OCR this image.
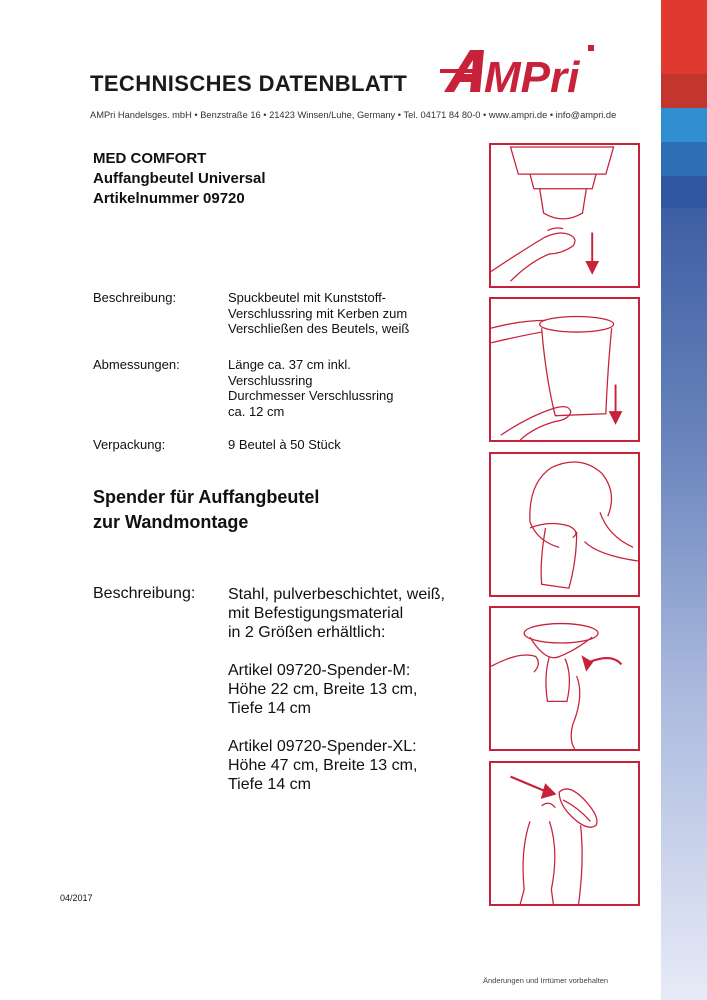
TECHNISCHES DATENBLATT MPri
AMPri Handelsges. mbH • Benzstraße 16 • 21423 Winsen/Luhe, Germany • Tel. 04171 84 80-0 • www.ampri.de • info@ampri.de
MED COMFORT
Auffangbeutel Universal
Artikelnummer 09720
Beschreibung:	Spuckbeutel mit Kunststoff-
Verschlussring mit Kerben zum
Verschließen des Beutels, weiß
Abmessungen:	Länge ca. 37 cm inkl.
Verschlussring
Durchmesser Verschlussring
ca. 12 cm
Verpackung:	9 Beutel à 50 Stück
Spender für Auffangbeutel
zur Wandmontage
Beschreibung: Stahl, pulverbeschichtet, weiß,
mit Befestigungsmaterial
in 2 Größen erhältlich:
Artikel 09720-Spender-M:
Höhe 22 cm, Breite 13 cm,
Tiefe 14 cm
Artikel 09720-Spender-XL:
Höhe 47 cm, Breite 13 cm,
Tiefe 14 cm
04/2017
Änderungen und Irrtümer vorbehalten
